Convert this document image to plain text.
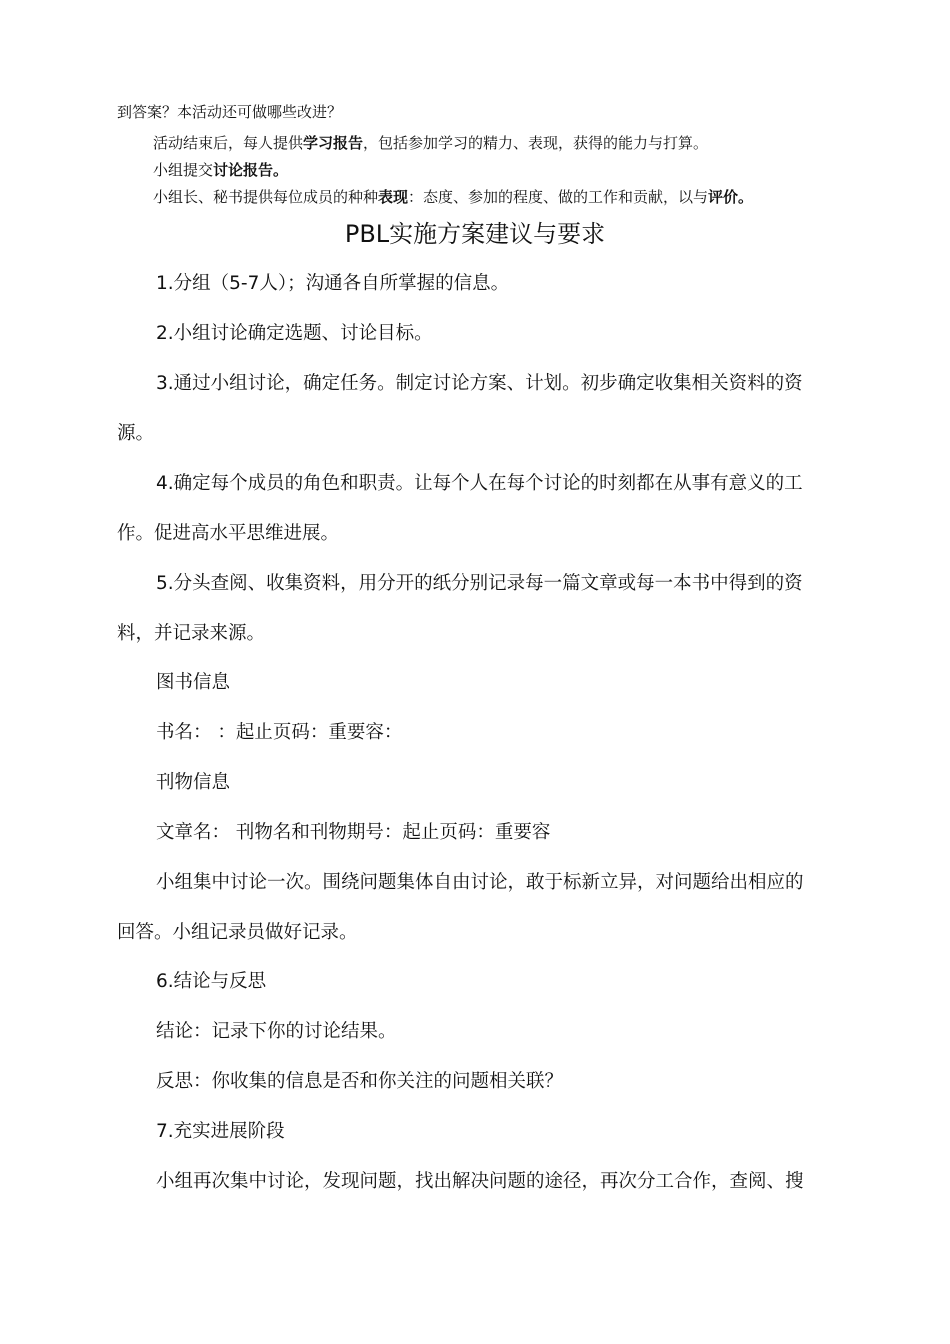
到答案？本活动还可做哪些改进？
活动结束后，每人提供学习报告，包括参加学习的精力、表现，获得的能力与打算。
小组提交讨论报告。
小组长、秘书提供每位成员的种种表现：态度、参加的程度、做的工作和贡献，以与评价。
PBL实施方案建议与要求
1.分组（5-7人）；沟通各自所掌握的信息。
2.小组讨论确定选题、讨论目标。
3.通过小组讨论，确定任务。制定讨论方案、计划。初步确定收集相关资料的资
源。
4.确定每个成员的角色和职责。让每个人在每个讨论的时刻都在从事有意义的工
作。促进高水平思维进展。
5.分头查阅、收集资料，用分开的纸分别记录每一篇文章或每一本书中得到的资
料，并记录来源。
图书信息
书名： ：起止页码：重要容：
刊物信息
文章名： 刊物名和刊物期号：起止页码：重要容
小组集中讨论一次。围绕问题集体自由讨论，敢于标新立异，对问题给出相应的
回答。小组记录员做好记录。
6.结论与反思
结论：记录下你的讨论结果。
反思：你收集的信息是否和你关注的问题相关联？
7.充实进展阶段
小组再次集中讨论，发现问题，找出解决问题的途径，再次分工合作，查阅、搜
